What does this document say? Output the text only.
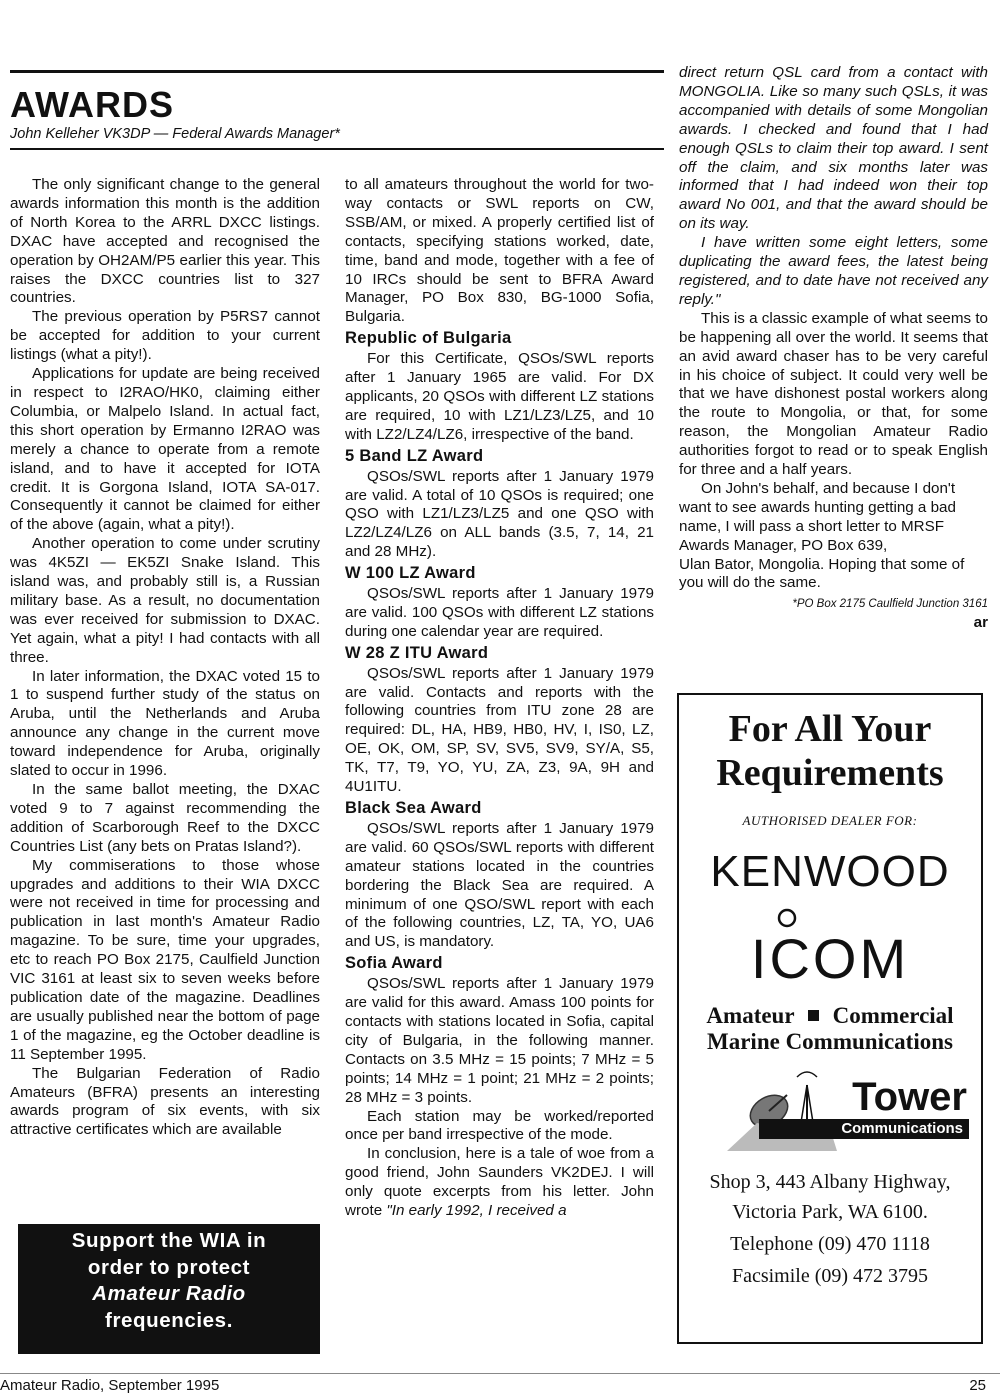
AWARDS
John Kelleher VK3DP — Federal Awards Manager*

The only significant change to the general awards information this month is the addition of North Korea to the ARRL DXCC listings. DXAC have accepted and recognised the operation by OH2AM/P5 earlier this year. This raises the DXCC countries list to 327 countries.

The previous operation by P5RS7 cannot be accepted for addition to your current listings (what a pity!).

Applications for update are being received in respect to I2RAO/HK0, claiming either Columbia, or Malpelo Island. In actual fact, this short operation by Ermanno I2RAO was merely a chance to operate from a remote island, and to have it accepted for IOTA credit. It is Gorgona Island, IOTA SA-017. Consequently it cannot be claimed for either of the above (again, what a pity!).

Another operation to come under scrutiny was 4K5ZI — EK5ZI Snake Island. This island was, and probably still is, a Russian military base. As a result, no documentation was ever received for submission to DXAC. Yet again, what a pity! I had contacts with all three.

In later information, the DXAC voted 15 to 1 to suspend further study of the status on Aruba, until the Netherlands and Aruba announce any change in the current move toward independence for Aruba, originally slated to occur in 1996.

In the same ballot meeting, the DXAC voted 9 to 7 against recommending the addition of Scarborough Reef to the DXCC Countries List (any bets on Pratas Island?).

My commiserations to those whose upgrades and additions to their WIA DXCC were not received in time for processing and publication in last month's Amateur Radio magazine. To be sure, time your upgrades, etc to reach PO Box 2175, Caulfield Junction VIC 3161 at least six to seven weeks before publication date of the magazine. Deadlines are usually published near the bottom of page 1 of the magazine, eg the October deadline is 11 September 1995.

The Bulgarian Federation of Radio Amateurs (BFRA) presents an interesting awards program of six events, with six attractive certificates which are available

Support the WIA in
order to protect
Amateur Radio
frequencies.

to all amateurs throughout the world for two-way contacts or SWL reports on CW, SSB/AM, or mixed. A properly certified list of contacts, specifying stations worked, date, time, band and mode, together with a fee of 10 IRCs should be sent to BFRA Award Manager, PO Box 830, BG-1000 Sofia, Bulgaria.

Republic of Bulgaria

For this Certificate, QSOs/SWL reports after 1 January 1965 are valid. For DX applicants, 20 QSOs with different LZ stations are required, 10 with LZ1/LZ3/LZ5, and 10 with LZ2/LZ4/LZ6, irrespective of the band.

5 Band LZ Award

QSOs/SWL reports after 1 January 1979 are valid. A total of 10 QSOs is required; one QSO with LZ1/LZ3/LZ5 and one QSO with LZ2/LZ4/LZ6 on ALL bands (3.5, 7, 14, 21 and 28 MHz).

W 100 LZ Award

QSOs/SWL reports after 1 January 1979 are valid. 100 QSOs with different LZ stations during one calendar year are required.

W 28 Z ITU Award

QSOs/SWL reports after 1 January 1979 are valid. Contacts and reports with the following countries from ITU zone 28 are required: DL, HA, HB9, HB0, HV, I, IS0, LZ, OE, OK, OM, SP, SV, SV5, SV9, SY/A, S5, TK, T7, T9, YO, YU, ZA, Z3, 9A, 9H and 4U1ITU.

Black Sea Award

QSOs/SWL reports after 1 January 1979 are valid. 60 QSOs/SWL reports with different amateur stations located in the countries bordering the Black Sea are required. A minimum of one QSO/SWL report with each of the following countries, LZ, TA, YO, UA6 and US, is mandatory.

Sofia Award

QSOs/SWL reports after 1 January 1979 are valid for this award. Amass 100 points for contacts with stations located in Sofia, capital city of Bulgaria, in the following manner. Contacts on 3.5 MHz = 15 points; 7 MHz = 5 points; 14 MHz = 1 point; 21 MHz = 2 points; 28 MHz = 3 points.

Each station may be worked/reported once per band irrespective of the mode.

In conclusion, here is a tale of woe from a good friend, John Saunders VK2DEJ. I will only quote excerpts from his letter. John wrote "In early 1992, I received a

direct return QSL card from a contact with MONGOLIA. Like so many such QSLs, it was accompanied with details of some Mongolian awards. I checked and found that I had enough QSLs to claim their top award. I sent off the claim, and six months later was informed that I had indeed won their top award No 001, and that the award should be on its way.

I have written some eight letters, some duplicating the award fees, the latest being registered, and to date have not received any reply."

This is a classic example of what seems to be happening all over the world. It seems that an avid award chaser has to be very careful in his choice of subject. It could very well be that we have dishonest postal workers along the route to Mongolia, or that, for some reason, the Mongolian Amateur Radio authorities forgot to read or to speak English for three and a half years.

On John's behalf, and because I don't want to see awards hunting getting a bad name, I will pass a short letter to MRSF Awards Manager, PO Box 639,

Ulan Bator, Mongolia. Hoping that some of you will do the same.

*PO Box 2175 Caulfield Junction 3161
ar
For All Your
Requirements
AUTHORISED DEALER FOR:
KENWOOD
ICOM
Amateur Commercial
Marine Communications
Tower
Communications
Shop 3, 443 Albany Highway,
Victoria Park, WA 6100.
Telephone (09) 470 1118
Facsimile (09) 472 3795
Amateur Radio, September 1995	25
